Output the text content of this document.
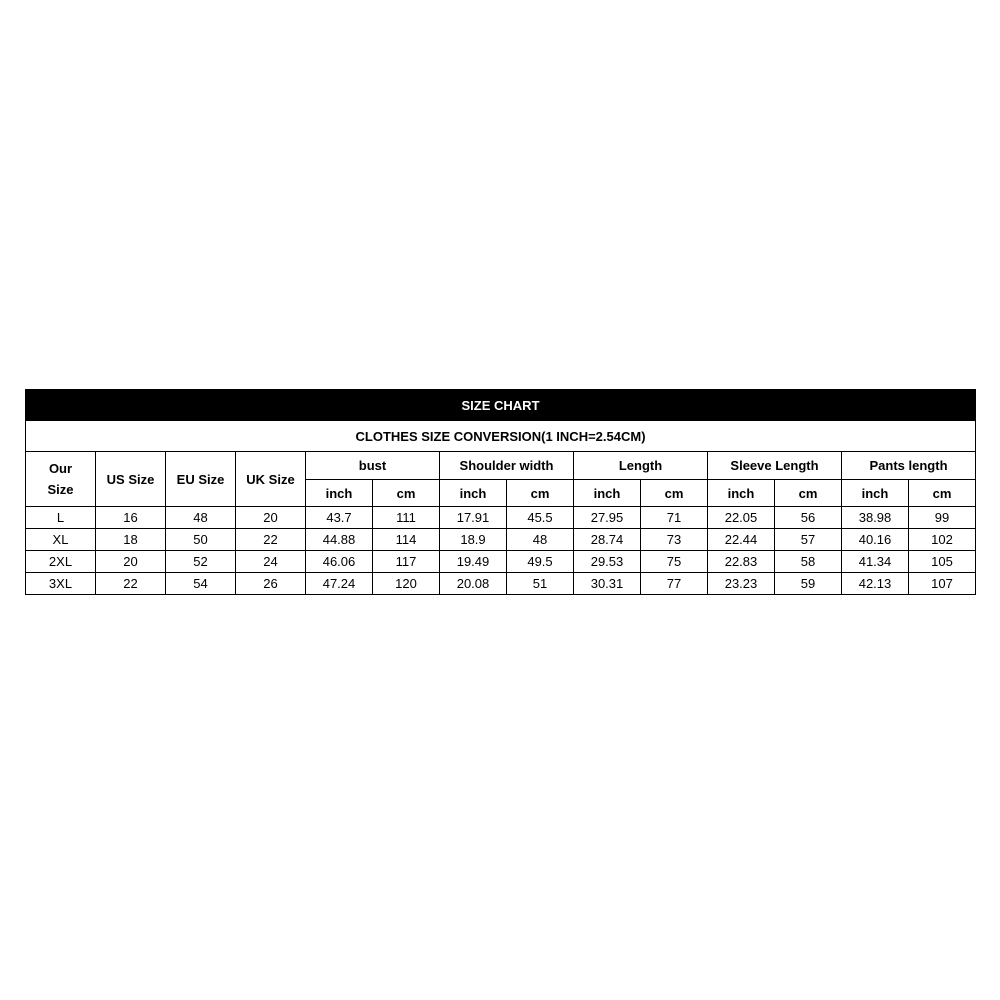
SIZE CHART													
CLOTHES SIZE CONVERSION(1 INCH=2.54CM)													
Our
Size	US Size	EU Size	UK Size	bust		Shoulder width		Length		Sleeve Length		Pants length	
				inch	cm	inch	cm	inch	cm	inch	cm	inch	cm
L	16	48	20	43.7	111	17.91	45.5	27.95	71	22.05	56	38.98	99
XL	18	50	22	44.88	114	18.9	48	28.74	73	22.44	57	40.16	102
2XL	20	52	24	46.06	117	19.49	49.5	29.53	75	22.83	58	41.34	105
3XL	22	54	26	47.24	120	20.08	51	30.31	77	23.23	59	42.13	107
